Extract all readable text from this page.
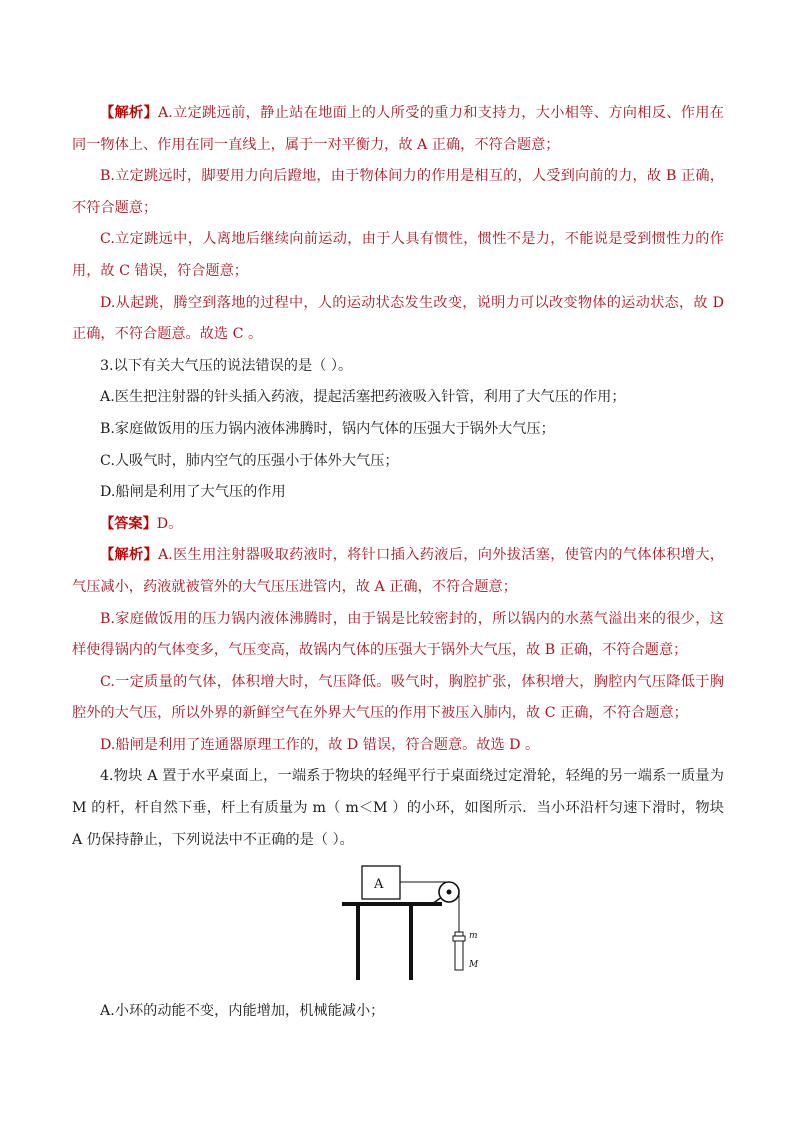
【解析】A.立定跳远前，静止站在地面上的人所受的重力和支持力，大小相等、方向相反、作用在同一物体上、作用在同一直线上，属于一对平衡力，故 A 正确，不符合题意；

B.立定跳远时，脚要用力向后蹬地，由于物体间力的作用是相互的，人受到向前的力，故 B 正确，不符合题意；

C.立定跳远中，人离地后继续向前运动，由于人具有惯性，惯性不是力，不能说是受到惯性力的作用，故 C 错误，符合题意；

D.从起跳，腾空到落地的过程中，人的运动状态发生改变，说明力可以改变物体的运动状态，故 D 正确，不符合题意。故选 C 。

3.以下有关大气压的说法错误的是（ ）。

A.医生把注射器的针头插入药液，提起活塞把药液吸入针管，利用了大气压的作用；

B.家庭做饭用的压力锅内液体沸腾时，锅内气体的压强大于锅外大气压；

C.人吸气时，肺内空气的压强小于体外大气压；

D.船闸是利用了大气压的作用

【答案】D。

【解析】A.医生用注射器吸取药液时，将针口插入药液后，向外拔活塞，使管内的气体体积增大，气压减小，药液就被管外的大气压压进管内，故 A 正确，不符合题意；

B.家庭做饭用的压力锅内液体沸腾时，由于锅是比较密封的，所以锅内的水蒸气溢出来的很少，这样使得锅内的气体变多，气压变高，故锅内气体的压强大于锅外大气压，故 B 正确，不符合题意；

C.一定质量的气体，体积增大时，气压降低。吸气时，胸腔扩张，体积增大，胸腔内气压降低于胸腔外的大气压，所以外界的新鲜空气在外界大气压的作用下被压入肺内，故 C 正确，不符合题意；

D.船闸是利用了连通器原理工作的，故 D 错误，符合题意。故选 D 。

4.物块 A 置于水平桌面上，一端系于物块的轻绳平行于桌面绕过定滑轮，轻绳的另一端系一质量为 M 的杆，杆自然下垂，杆上有质量为 m（ m＜M ）的小环，如图所示．当小环沿杆匀速下滑时，物块 A 仍保持静止，下列说法中不正确的是（ ）。

A
m
M

A.小环的动能不变，内能增加，机械能减小；
